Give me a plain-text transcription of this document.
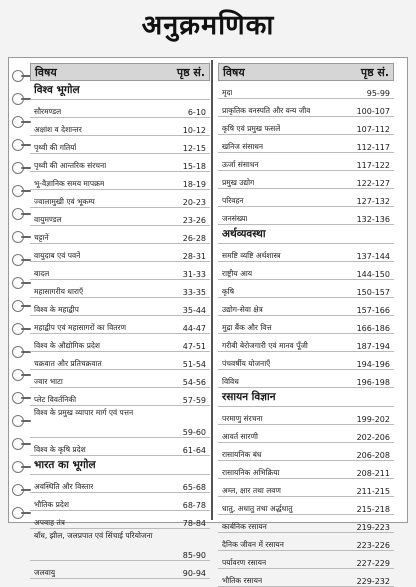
अनुक्रमणिका
विषय	पृष्ठ सं.
विश्व भूगोल
सौरमण्डल	6-10
अक्षांश व देशान्तर	10-12
पृथ्वी की गतियाँ	12-15
पृथ्वी की आन्तरिक संरचना	15-18
भू-वैज्ञानिक समय मापक्रम	18-19
ज्वालामुखी एवं भूकम्प	20-23
वायुमण्डल	23-26
चट्टानें	26-28
वायुदाब एवं पवनें	28-31
बादल	31-33
महासागरीय धाराएँ	33-35
विश्व के महाद्वीप	35-44
महाद्वीप एवं महासागरों का वितरण	44-47
विश्व के औद्योगिक प्रदेश	47-51
चक्रवात और प्रतिचक्रवात	51-54
ज्वार भाटा	54-56
प्लेट विवर्तनिकी	57-59
विश्व के प्रमुख व्यापार मार्ग एवं पत्तन
59-60
विश्व के कृषि प्रदेश	61-64
भारत का भूगोल
अवस्थिति और विस्तार	65-68
भौतिक प्रदेश	68-78
अपवाह तंत्र	78-84
बाँध, झील, जलप्रपात एवं सिंचाई परियोजना
85-90
जलवायु	90-94
विषय	पृष्ठ सं.
मृदा	95-99
प्राकृतिक वनस्पति और वन्य जीव	100-107
कृषि एवं प्रमुख फसलें	107-112
खनिज संसाधन	112-117
ऊर्जा संसाधन	117-122
प्रमुख उद्योग	122-127
परिवहन	127-132
जनसंख्या	132-136
अर्थव्यवस्था
समष्टि व्यष्टि अर्थशास्त्र	137-144
राष्ट्रीय आय	144-150
कृषि	150-157
उद्योग-सेवा क्षेत्र	157-166
मुद्रा बैंक और वित्त	166-186
गरीबी बेरोजगारी एवं मानव पूँजी	187-194
पंचवर्षीय योजनाएँ	194-196
विविध	196-198
रसायन विज्ञान
परमाणु संरचना	199-202
आवर्त सारणी	202-206
रासायनिक बंध	206-208
रासायनिक अभिक्रिया	208-211
अम्ल, क्षार तथा लवण	211-215
धातु, अधातु तथा अर्द्धधातु	215-218
कार्बनिक रसायन	219-223
दैनिक जीवन में रसायन	223-226
पर्यावरण रसायन	227-229
भौतिक रसायन	229-232
